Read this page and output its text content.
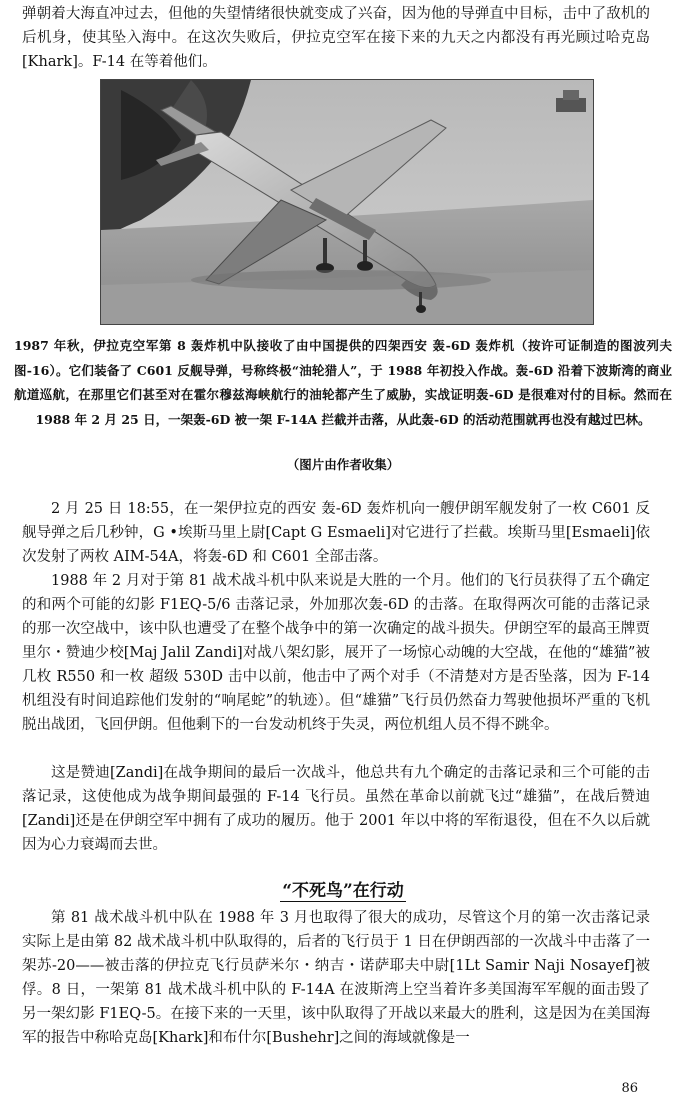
弹朝着大海直冲过去，但他的失望情绪很快就变成了兴奋，因为他的导弹直中目标，击中了敌机的后机身，使其坠入海中。在这次失败后，伊拉克空军在接下来的九天之内都没有再光顾过哈克岛[Khark]。F-14 在等着他们。

1987 年秋，伊拉克空军第 8 轰炸机中队接收了由中国提供的四架西安 轰-6D 轰炸机（按许可证制造的图波列夫 图-16）。它们装备了 C601 反舰导弹，号称终极“油轮猎人”，于 1988 年初投入作战。轰-6D 沿着下波斯湾的商业航道巡航，在那里它们甚至对在霍尔穆兹海峡航行的油轮都产生了威胁，实战证明轰-6D 是很难对付的目标。然而在 1988 年 2 月 25 日，一架轰-6D 被一架 F-14A 拦截并击落，从此轰-6D 的活动范围就再也没有越过巴林。

（图片由作者收集）

2 月 25 日 18:55，在一架伊拉克的西安 轰-6D 轰炸机向一艘伊朗军舰发射了一枚 C601 反舰导弹之后几秒钟，G •埃斯马里上尉[Capt G Esmaeli]对它进行了拦截。埃斯马里[Esmaeli]依次发射了两枚 AIM-54A，将轰-6D 和 C601 全部击落。

1988 年 2 月对于第 81 战术战斗机中队来说是大胜的一个月。他们的飞行员获得了五个确定的和两个可能的幻影 F1EQ-5/6 击落记录，外加那次轰-6D 的击落。在取得两次可能的击落记录的那一次空战中，该中队也遭受了在整个战争中的第一次确定的战斗损失。伊朗空军的最高王牌贾里尔・赞迪少校[Maj Jalil Zandi]对战八架幻影，展开了一场惊心动魄的大空战，在他的“雄猫”被几枚 R550 和一枚 超级 530D 击中以前，他击中了两个对手（不清楚对方是否坠落，因为 F-14 机组没有时间追踪他们发射的“响尾蛇”的轨迹）。但“雄猫”飞行员仍然奋力驾驶他损坏严重的飞机脱出战团，飞回伊朗。但他剩下的一台发动机终于失灵，两位机组人员不得不跳伞。

这是赞迪[Zandi]在战争期间的最后一次战斗，他总共有九个确定的击落记录和三个可能的击落记录，这使他成为战争期间最强的 F-14 飞行员。虽然在革命以前就飞过“雄猫”，在战后赞迪[Zandi]还是在伊朗空军中拥有了成功的履历。他于 2001 年以中将的军衔退役，但在不久以后就因为心力衰竭而去世。

“不死鸟”在行动

第 81 战术战斗机中队在 1988 年 3 月也取得了很大的成功，尽管这个月的第一次击落记录实际上是由第 82 战术战斗机中队取得的，后者的飞行员于 1 日在伊朗西部的一次战斗中击落了一架苏-20——被击落的伊拉克飞行员萨米尔・纳吉・诺萨耶夫中尉[1Lt Samir Naji Nosayef]被俘。8 日，一架第 81 战术战斗机中队的 F-14A 在波斯湾上空当着许多美国海军军舰的面击毁了另一架幻影 F1EQ-5。在接下来的一天里，该中队取得了开战以来最大的胜利，这是因为在美国海军的报告中称哈克岛[Khark]和布什尔[Bushehr]之间的海域就像是一

86
